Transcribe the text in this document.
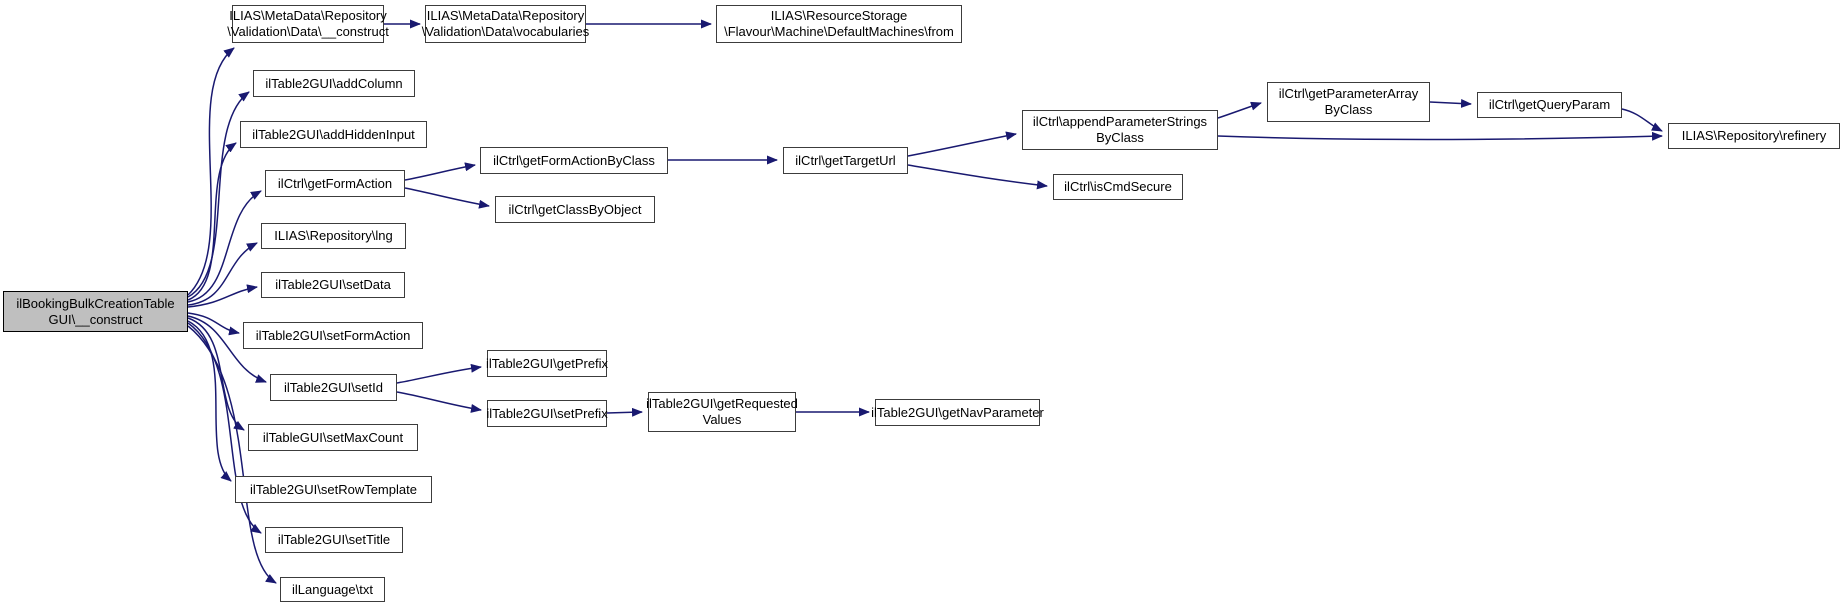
ilBookingBulkCreationTable
GUI\__construct
ILIAS\MetaData\Repository
\Validation\Data\__construct
ILIAS\MetaData\Repository
\Validation\Data\vocabularies
ILIAS\ResourceStorage
\Flavour\Machine\DefaultMachines\from
ilTable2GUI\addColumn
ilTable2GUI\addHiddenInput
ilCtrl\getFormAction
ILIAS\Repository\lng
ilTable2GUI\setData
ilTable2GUI\setFormAction
ilTable2GUI\setId
ilTableGUI\setMaxCount
ilTable2GUI\setRowTemplate
ilTable2GUI\setTitle
ilLanguage\txt
ilCtrl\getFormActionByClass
ilCtrl\getClassByObject
ilCtrl\getTargetUrl
ilCtrl\appendParameterStrings
ByClass
ilCtrl\isCmdSecure
ilCtrl\getParameterArray
ByClass	ilCtrl\getQueryParam
ILIAS\Repository\refinery
ilTable2GUI\getPrefix
ilTable2GUI\setPrefix
ilTable2GUI\getRequested
Values	ilTable2GUI\getNavParameter
